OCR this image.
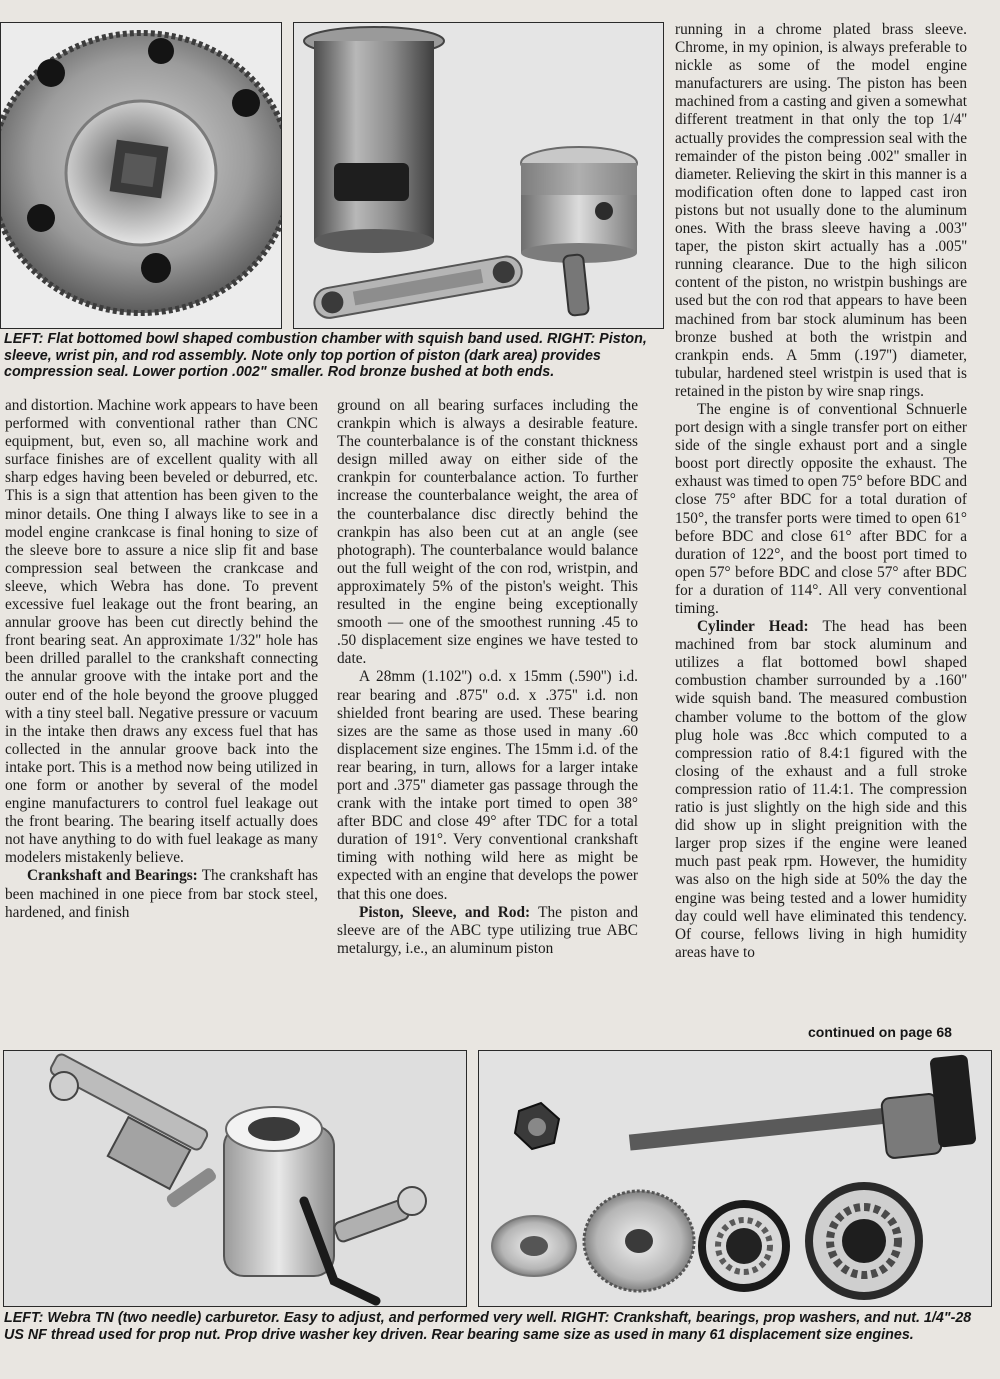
LEFT: Flat bottomed bowl shaped combustion chamber with squish band used. RIGHT: Piston, sleeve, wrist pin, and rod assembly. Note only top portion of piston (dark area) provides compression seal. Lower portion .002" smaller. Rod bronze bushed at both ends.

and distortion. Machine work appears to have been performed with conventional rather than CNC equipment, but, even so, all machine work and surface finishes are of excellent quality with all sharp edges having been beveled or deburred, etc. This is a sign that attention has been given to the minor details. One thing I always like to see in a model engine crankcase is final honing to size of the sleeve bore to assure a nice slip fit and base compression seal between the crankcase and sleeve, which Webra has done. To prevent excessive fuel leakage out the front bearing, an annular groove has been cut directly behind the front bearing seat. An approximate 1/32'' hole has been drilled parallel to the crankshaft connecting the annular groove with the intake port and the outer end of the hole beyond the groove plugged with a tiny steel ball. Negative pressure or vacuum in the intake then draws any excess fuel that has collected in the annular groove back into the intake port. This is a method now being utilized in one form or another by several of the model engine manufacturers to control fuel leakage out the front bearing. The bearing itself actually does not have anything to do with fuel leakage as many modelers mistakenly believe.

Crankshaft and Bearings: The crankshaft has been machined in one piece from bar stock steel, hardened, and finish

ground on all bearing surfaces including the crankpin which is always a desirable feature. The counterbalance is of the constant thickness design milled away on either side of the crankpin for counterbalance action. To further increase the counterbalance weight, the area of the counterbalance disc directly behind the crankpin has also been cut at an angle (see photograph). The counterbalance would balance out the full weight of the con rod, wristpin, and approximately 5% of the piston's weight. This resulted in the engine being exceptionally smooth — one of the smoothest running .45 to .50 displacement size engines we have tested to date.

A 28mm (1.102'') o.d. x 15mm (.590'') i.d. rear bearing and .875'' o.d. x .375'' i.d. non shielded front bearing are used. These bearing sizes are the same as those used in many .60 displacement size engines. The 15mm i.d. of the rear bearing, in turn, allows for a larger intake port and .375'' diameter gas passage through the crank with the intake port timed to open 38° after BDC and close 49° after TDC for a total duration of 191°. Very conventional crankshaft timing with nothing wild here as might be expected with an engine that develops the power that this one does.

Piston, Sleeve, and Rod: The piston and sleeve are of the ABC type utilizing true ABC metalurgy, i.e., an aluminum piston

running in a chrome plated brass sleeve. Chrome, in my opinion, is always preferable to nickle as some of the model engine manufacturers are using. The piston has been machined from a casting and given a somewhat different treatment in that only the top 1/4'' actually provides the compression seal with the remainder of the piston being .002'' smaller in diameter. Relieving the skirt in this manner is a modification often done to lapped cast iron pistons but not usually done to the aluminum ones. With the brass sleeve having a .003'' taper, the piston skirt actually has a .005'' running clearance. Due to the high silicon content of the piston, no wristpin bushings are used but the con rod that appears to have been machined from bar stock aluminum has been bronze bushed at both the wristpin and crankpin ends. A 5mm (.197'') diameter, tubular, hardened steel wristpin is used that is retained in the piston by wire snap rings.

The engine is of conventional Schnuerle port design with a single transfer port on either side of the single exhaust port and a single boost port directly opposite the exhaust. The exhaust was timed to open 75° before BDC and close 75° after BDC for a total duration of 150°, the transfer ports were timed to open 61° before BDC and close 61° after BDC for a duration of 122°, and the boost port timed to open 57° before BDC and close 57° after BDC for a duration of 114°. All very conventional timing.

Cylinder Head: The head has been machined from bar stock aluminum and utilizes a flat bottomed bowl shaped combustion chamber surrounded by a .160'' wide squish band. The measured combustion chamber volume to the bottom of the glow plug hole was .8cc which computed to a compression ratio of 8.4:1 figured with the closing of the exhaust and a full stroke compression ratio of 11.4:1. The compression ratio is just slightly on the high side and this did show up in slight preignition with the larger prop sizes if the engine were leaned much past peak rpm. However, the humidity was also on the high side at 50% the day the engine was being tested and a lower humidity day could well have eliminated this tendency. Of course, fellows living in high humidity areas have to

continued on page 68
LEFT: Webra TN (two needle) carburetor. Easy to adjust, and performed very well. RIGHT: Crankshaft, bearings, prop washers, and nut. 1/4"-28 US NF thread used for prop nut. Prop drive washer key driven. Rear bearing same size as used in many 61 displacement size engines.
